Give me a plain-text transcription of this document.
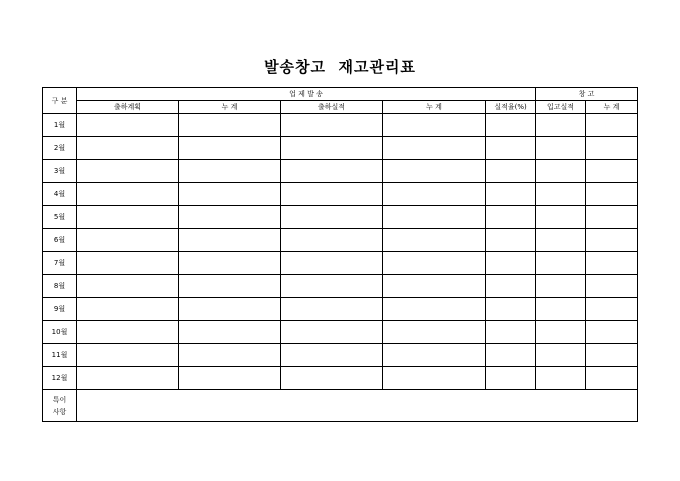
발송창고  재고관리표
구 분	업 제 발 송					창 고	
	출하계획	누 계	출하실적	누 계	실적율(%)	입고실적	누 계
1월							
2월							
3월							
4월							
5월							
6월							
7월							
8월							
9월							
10월							
11월							
12월							

특이
사항							
